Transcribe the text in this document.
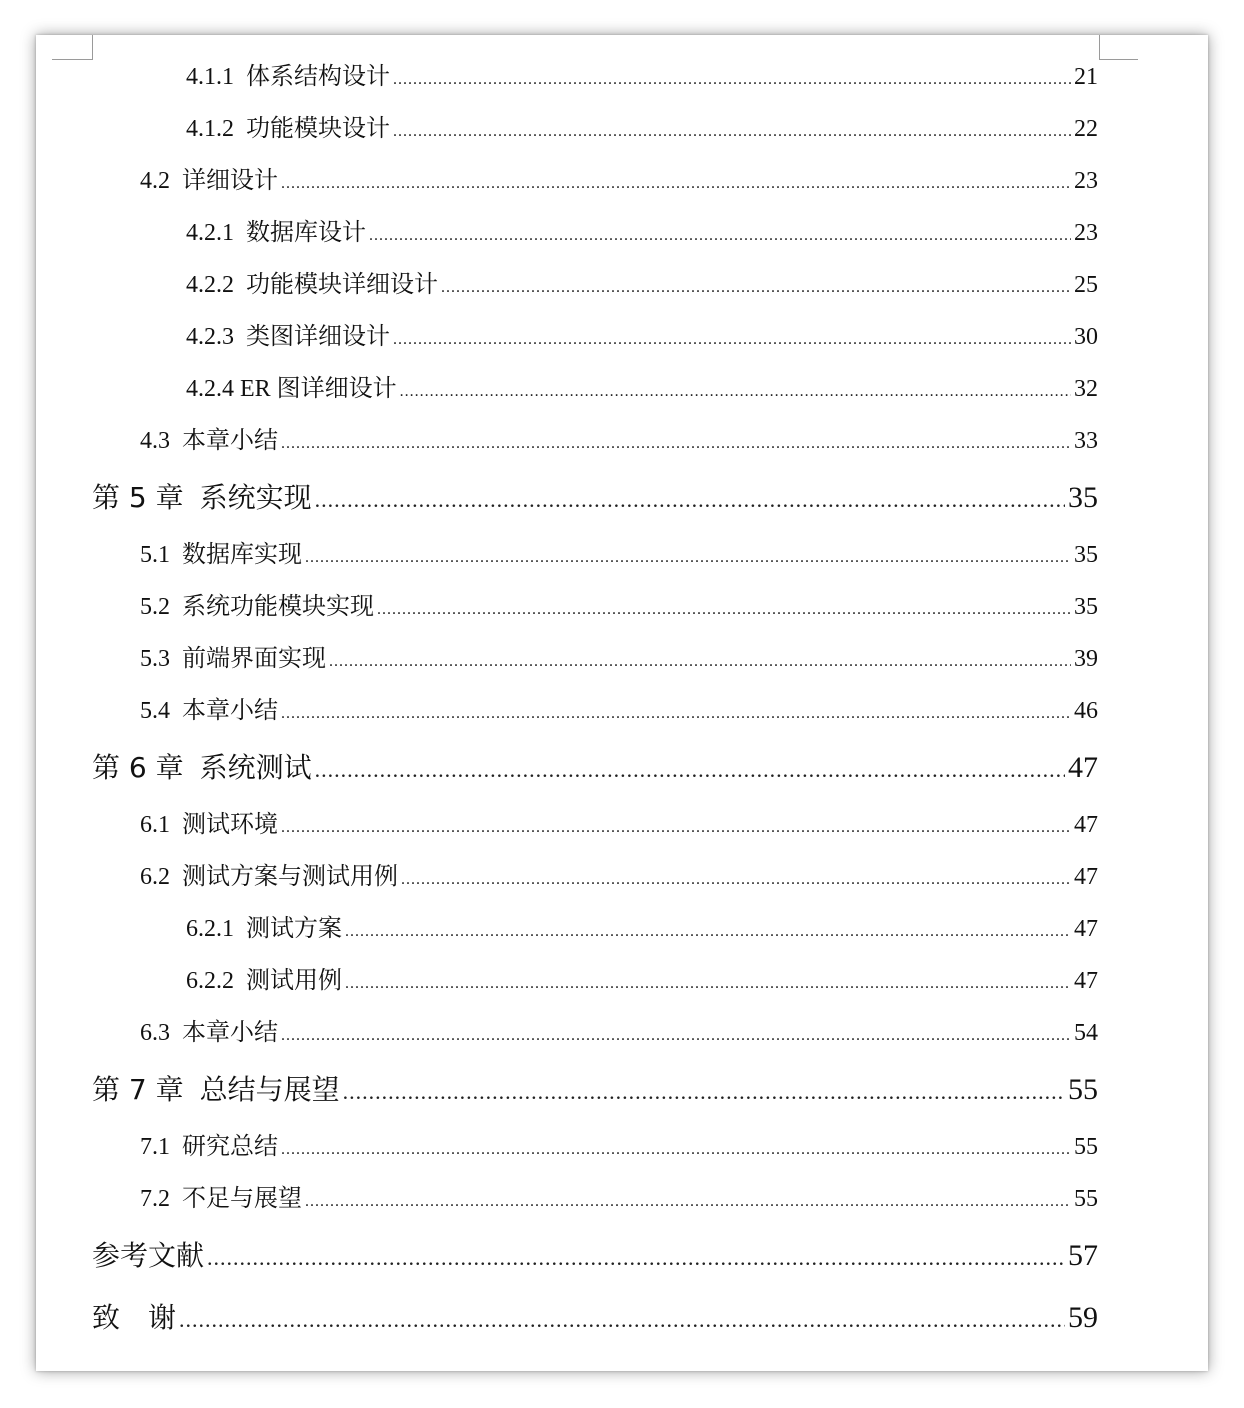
4.1.1 体系结构设计 .....	21
4.1.2 功能模块设计 .....	22
4.2 详细设计 .....	23
4.2.1 数据库设计 .....	23
4.2.2 功能模块详细设计 .....	25
4.2.3 类图详细设计 .....	30
4.2.4 ER 图详细设计 .....	32
4.3 本章小结 .....	33
第 5 章 系统实现 .....	35
5.1 数据库实现 .....	35
5.2 系统功能模块实现 .....	35
5.3 前端界面实现 .....	39
5.4 本章小结 .....	46
第 6 章 系统测试 .....	47
6.1 测试环境 .....	47
6.2 测试方案与测试用例 .....	47
6.2.1 测试方案 .....	47
6.2.2 测试用例 .....	47
6.3 本章小结 .....	54
第 7 章 总结与展望 .....	55
7.1 研究总结 .....	55
7.2 不足与展望 .....	55
参考文献 .....	57
致　谢 .....	59
